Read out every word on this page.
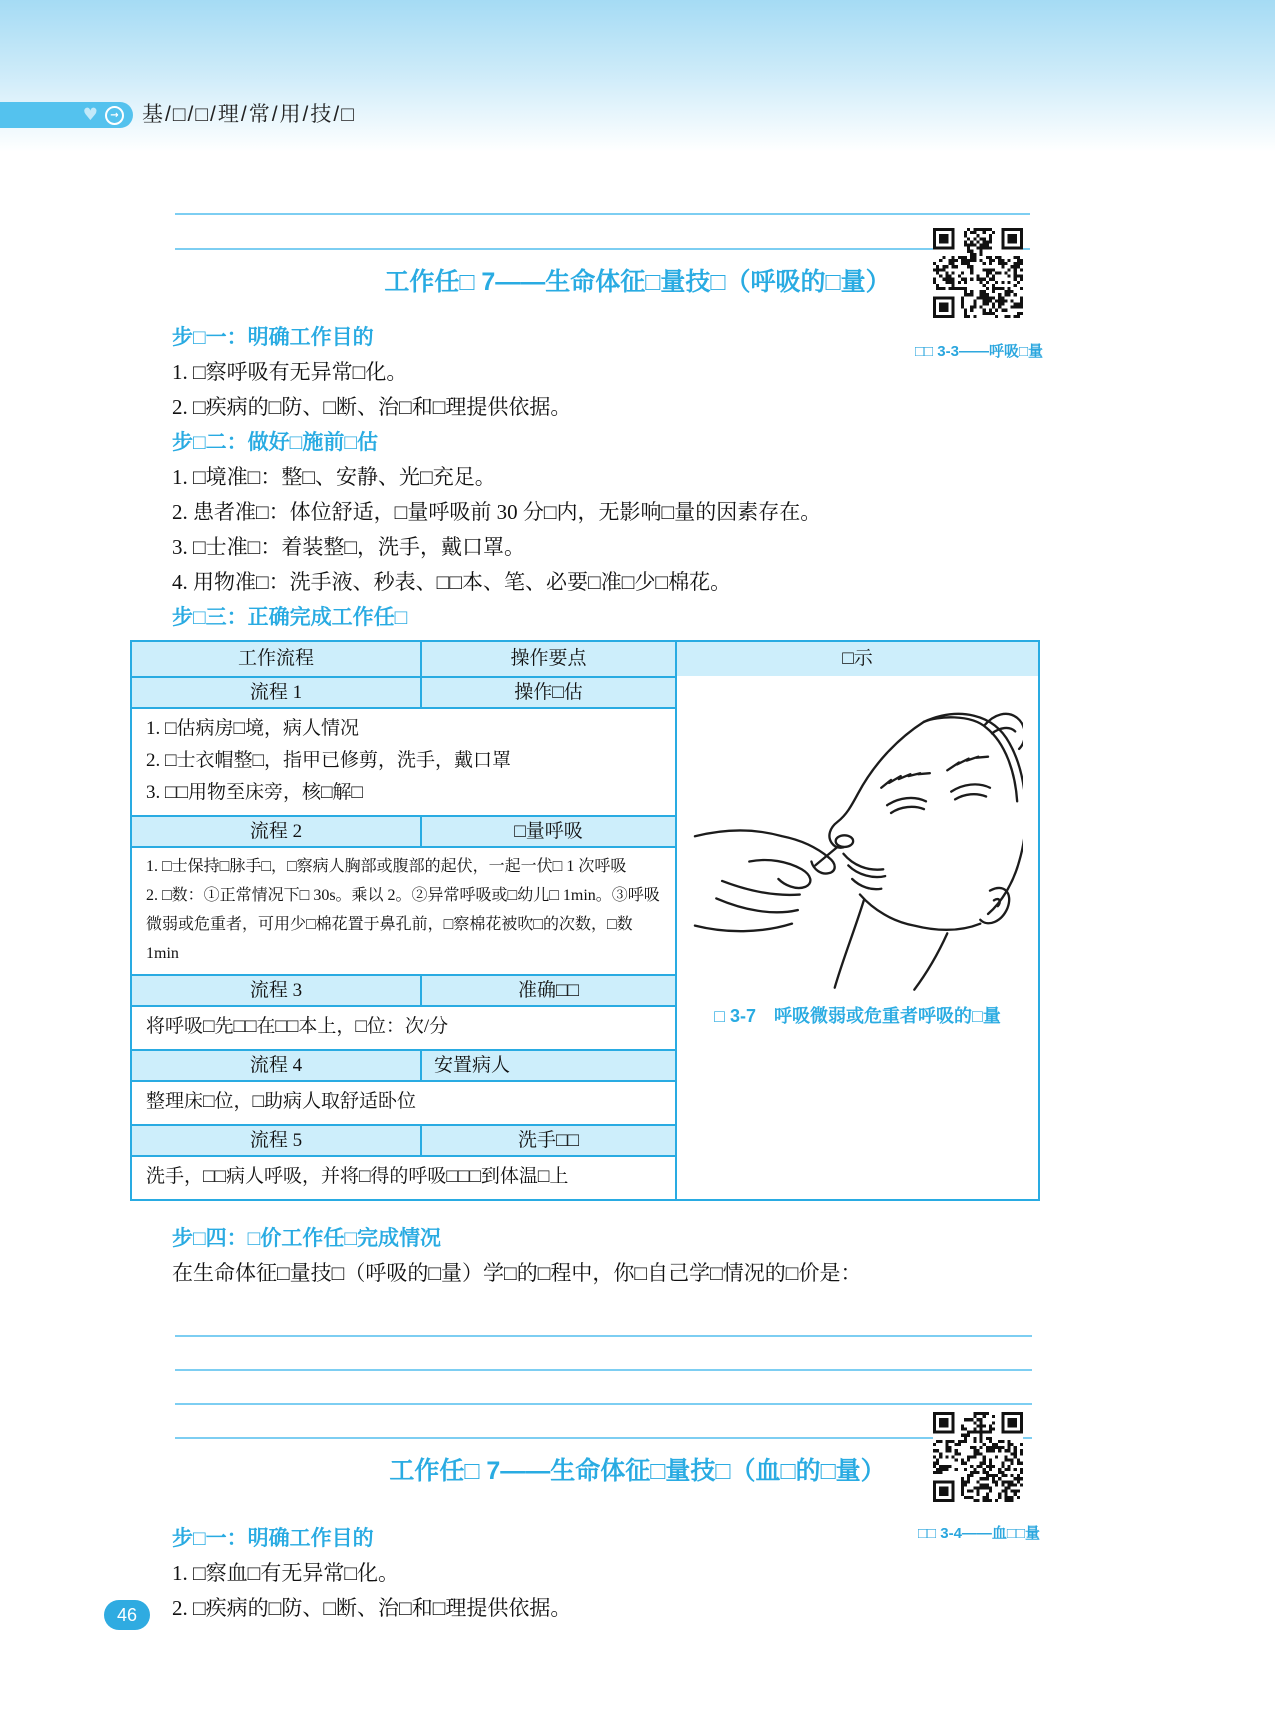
♥	→ 基/□/□/理/常/用/技/□
工作任□ 7——生命体征□量技□（呼吸的□量）
□□ 3-3——呼吸□量
步□一：明确工作目的

1. □察呼吸有无异常□化。

2. □疾病的□防、□断、治□和□理提供依据。

步□二：做好□施前□估

1. □境准□：整□、安静、光□充足。

2. 患者准□：体位舒适，□量呼吸前 30 分□内，无影响□量的因素存在。

3. □士准□：着装整□，洗手，戴口罩。

4. 用物准□：洗手液、秒表、□□本、笔、必要□准□少□棉花。

步□三：正确完成工作任□
工作流程	操作要点	□示
流程 1	操作□估

1. □估病房□境，病人情况

2. □士衣帽整□，指甲已修剪，洗手，戴口罩

3. □□用物至床旁，核□解□

流程 2	□量呼吸

1. □士保持□脉手□，□察病人胸部或腹部的起伏，一起一伏□ 1 次呼吸

2. □数：①正常情况下□ 30s。乘以 2。②异常呼吸或□幼儿□ 1min。③呼吸微弱或危重者，可用少□棉花置于鼻孔前，□察棉花被吹□的次数，□数 1min

流程 3	准确□□

将呼吸□先□□在□□本上，□位：次/分

流程 4	安置病人

整理床□位，□助病人取舒适卧位

流程 5	洗手□□

洗手，□□病人呼吸，并将□得的呼吸□□□到体温□上

□ 3-7　呼吸微弱或危重者呼吸的□量
步□四：□价工作任□完成情况

在生命体征□量技□（呼吸的□量）学□的□程中，你□自己学□情况的□价是：

工作任□ 7——生命体征□量技□（血□的□量）
□□ 3-4——血□□量
步□一：明确工作目的

1. □察血□有无异常□化。

2. □疾病的□防、□断、治□和□理提供依据。

46
